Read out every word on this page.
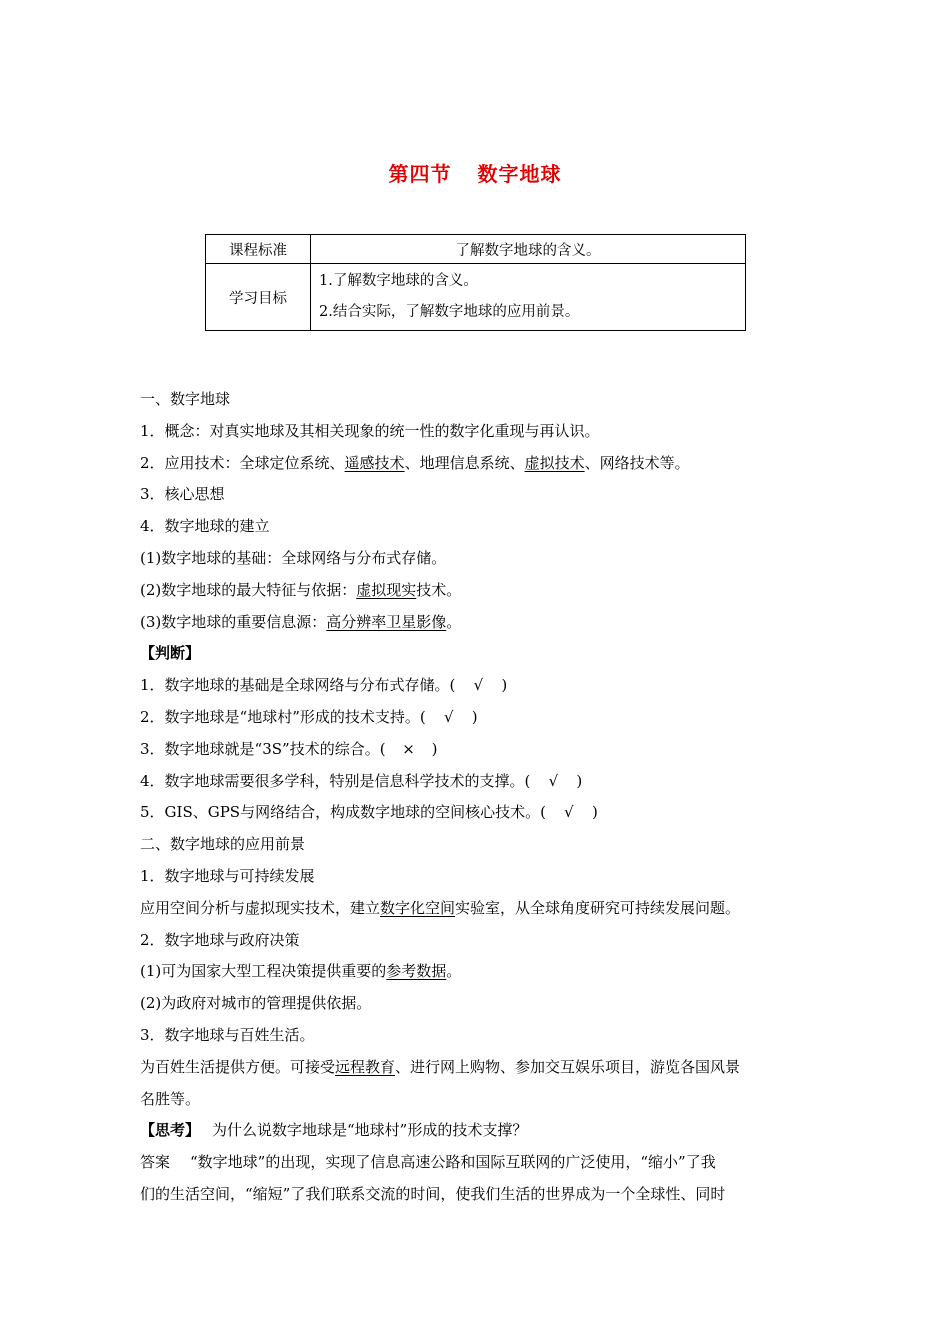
第四节 数字地球
课程标准	了解数字地球的含义。
学习目标	1.了解数字地球的含义。
2.结合实际，了解数字地球的应用前景。

一、数字地球

1．概念：对真实地球及其相关现象的统一性的数字化重现与再认识。

2．应用技术：全球定位系统、遥感技术、地理信息系统、虚拟技术、网络技术等。

3．核心思想

4．数字地球的建立

(1)数字地球的基础：全球网络与分布式存储。

(2)数字地球的最大特征与依据：虚拟现实技术。

(3)数字地球的重要信息源：高分辨率卫星影像。

【判断】

1．数字地球的基础是全球网络与分布式存储。( √ )

2．数字地球是“地球村”形成的技术支持。( √ )

3．数字地球就是“3S”技术的综合。( × )

4．数字地球需要很多学科，特别是信息科学技术的支撑。( √ )

5．GIS、GPS与网络结合，构成数字地球的空间核心技术。( √ )

二、数字地球的应用前景

1．数字地球与可持续发展

应用空间分析与虚拟现实技术，建立数字化空间实验室，从全球角度研究可持续发展问题。

2．数字地球与政府决策

(1)可为国家大型工程决策提供重要的参考数据。

(2)为政府对城市的管理提供依据。

3．数字地球与百姓生活。

为百姓生活提供方便。可接受远程教育、进行网上购物、参加交互娱乐项目，游览各国风景

名胜等。

【思考】 为什么说数字地球是“地球村”形成的技术支撑？

答案 “数字地球”的出现，实现了信息高速公路和国际互联网的广泛使用，“缩小”了我

们的生活空间，“缩短”了我们联系交流的时间，使我们生活的世界成为一个全球性、同时
